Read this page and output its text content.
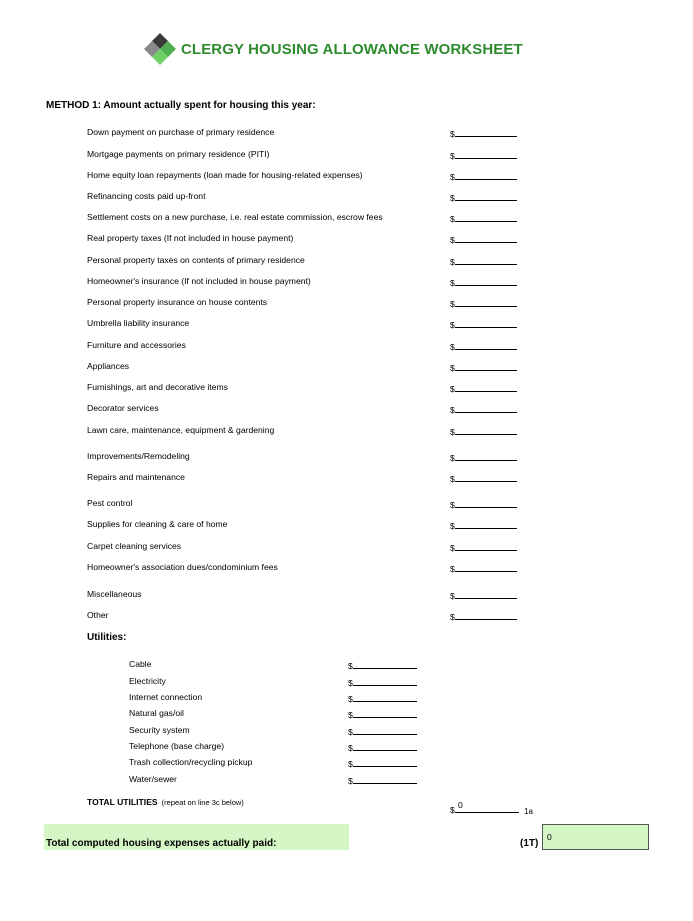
CLERGY HOUSING ALLOWANCE WORKSHEET
METHOD 1: Amount actually spent for housing this year:
Down payment on purchase of primary residence	$
Mortgage payments on primary residence (PITI)	$
Home equity loan repayments (loan made for housing-related expenses)	$
Refinancing costs paid up-front	$
Settlement costs on a new purchase, i.e. real estate commission, escrow fees	$
Real property taxes (If not included in house payment)	$
Personal property taxes on contents of primary residence	$
Homeowner's insurance (If not included in house payment)	$
Personal property insurance on house contents	$
Umbrella liability insurance	$
Furniture and accessories	$
Appliances	$
Furnishings, art and decorative items	$
Decorator services	$
Lawn care, maintenance, equipment & gardening	$
Improvements/Remodeling	$
Repairs and maintenance	$
Pest control	$
Supplies for cleaning & care of home	$
Carpet cleaning services	$
Homeowner's association dues/condominium fees	$
Miscellaneous	$
Other	$
Utilities:
Cable	$
Electricity	$
Internet connection	$
Natural gas/oil	$
Security system	$
Telephone (base charge)	$
Trash collection/recycling pickup	$
Water/sewer	$
TOTAL UTILITIES (repeat on line 3c below)
$ 0
1a
Total computed housing expenses actually paid:	(1T)
0
